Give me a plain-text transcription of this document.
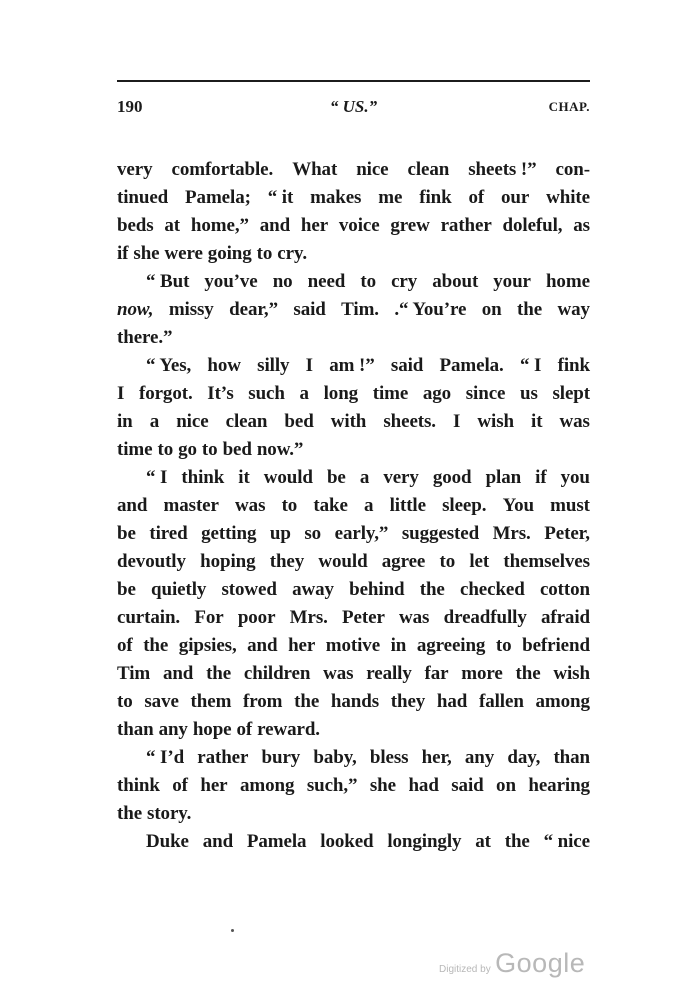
190	“ US.”	CHAP.
very comfortable. What nice clean sheets !” con-
tinued Pamela; “ it makes me fink of our white
beds at home,” and her voice grew rather doleful, as
if she were going to cry.
“ But you’ve no need to cry about your home
now, missy dear,” said Tim. .“ You’re on the way
there.”
“ Yes, how silly I am !” said Pamela. “ I fink
I forgot. It’s such a long time ago since us slept
in a nice clean bed with sheets. I wish it was
time to go to bed now.”
“ I think it would be a very good plan if you
and master was to take a little sleep. You must
be tired getting up so early,” suggested Mrs. Peter,
devoutly hoping they would agree to let themselves
be quietly stowed away behind the checked cotton
curtain. For poor Mrs. Peter was dreadfully afraid
of the gipsies, and her motive in agreeing to befriend
Tim and the children was really far more the wish
to save them from the hands they had fallen among
than any hope of reward.
“ I’d rather bury baby, bless her, any day, than
think of her among such,” she had said on hearing
the story.
Duke and Pamela looked longingly at the “ nice
Digitized by Google
